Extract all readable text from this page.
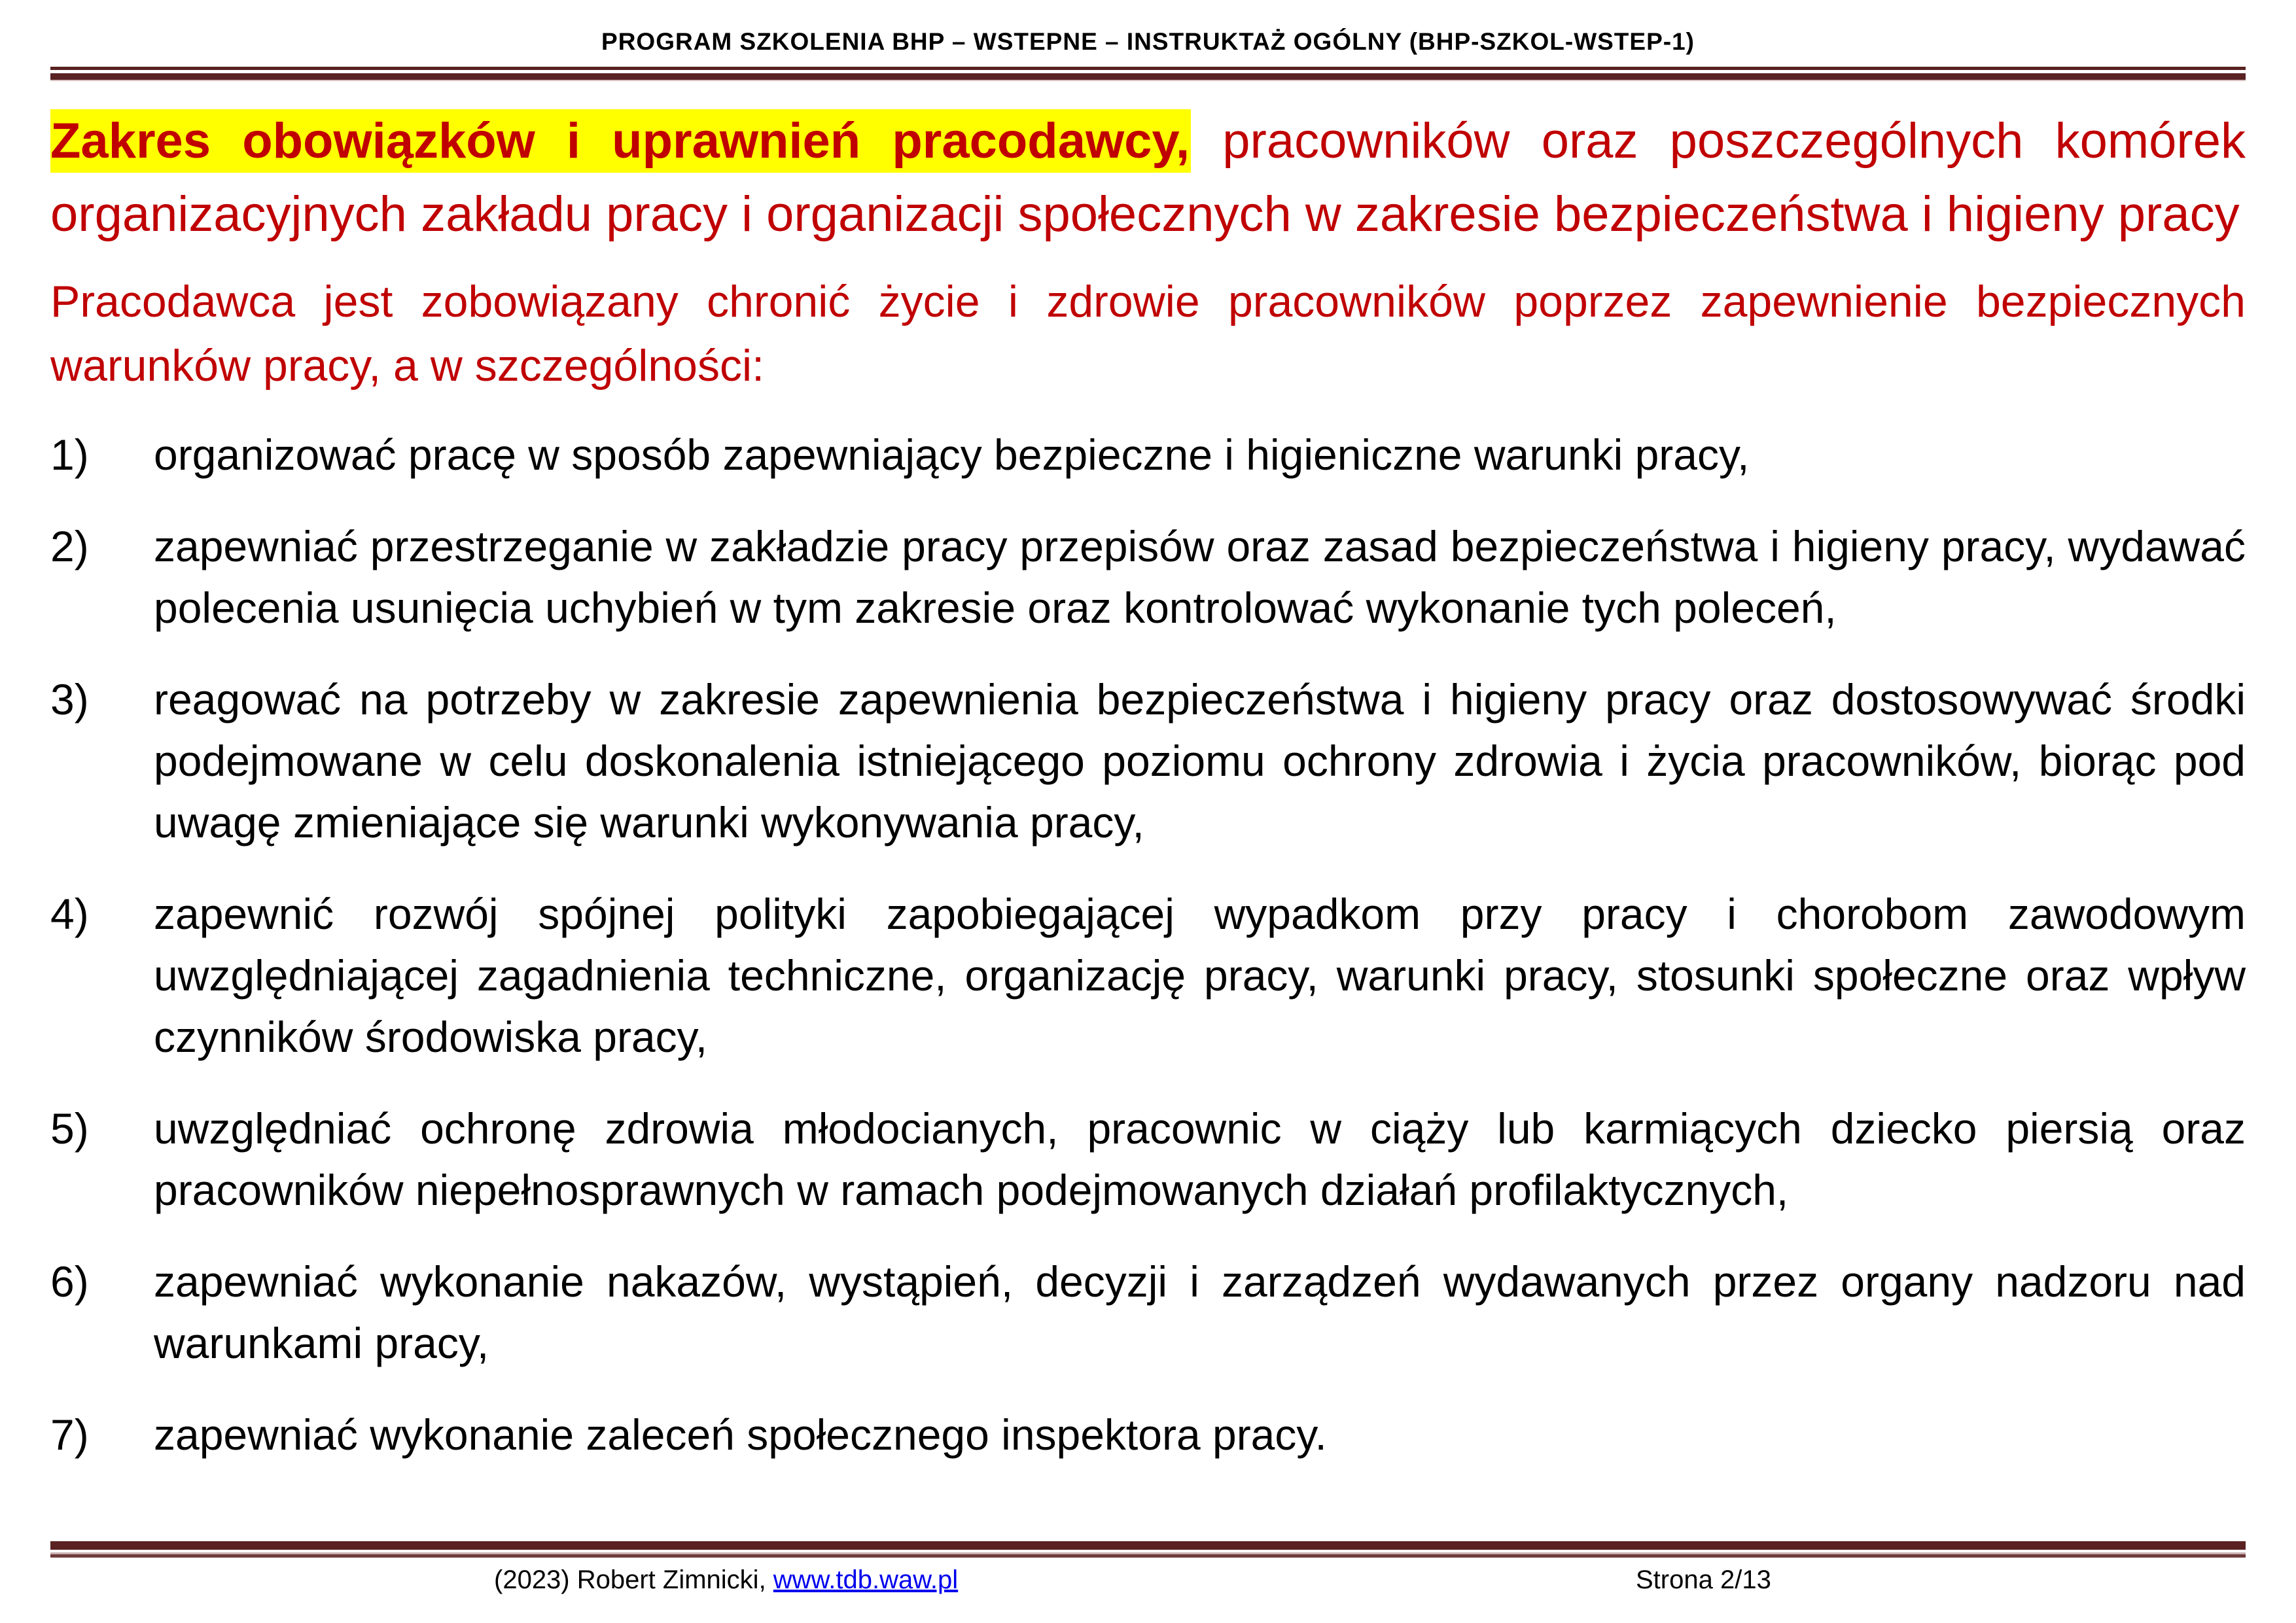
PROGRAM SZKOLENIA BHP – WSTEPNE – INSTRUKTAŻ OGÓLNY (BHP-SZKOL-WSTEP-1)

Zakres obowiązków i uprawnień pracodawcy, pracowników oraz poszczególnych komórek organizacyjnych zakładu pracy i organizacji społecznych w zakresie bezpieczeństwa i higieny pracy

Pracodawca jest zobowiązany chronić życie i zdrowie pracowników poprzez zapewnienie bezpiecznych warunków pracy, a w szczególności:

1)	organizować pracę w sposób zapewniający bezpieczne i higieniczne warunki pracy,
2)	zapewniać przestrzeganie w zakładzie pracy przepisów oraz zasad bezpieczeństwa i higieny pracy, wydawać polecenia usunięcia uchybień w tym zakresie oraz kontrolować wykonanie tych poleceń,
3)	reagować na potrzeby w zakresie zapewnienia bezpieczeństwa i higieny pracy oraz dostosowywać środki podejmowane w celu doskonalenia istniejącego poziomu ochrony zdrowia i życia pracowników, biorąc pod uwagę zmieniające się warunki wykonywania pracy,
4)	zapewnić rozwój spójnej polityki zapobiegającej wypadkom przy pracy i chorobom zawodowym uwzględniającej zagadnienia techniczne, organizację pracy, warunki pracy, stosunki społeczne oraz wpływ czynników środowiska pracy,
5)	uwzględniać ochronę zdrowia młodocianych, pracownic w ciąży lub karmiących dziecko piersią oraz pracowników niepełnosprawnych w ramach podejmowanych działań profilaktycznych,
6)	zapewniać wykonanie nakazów, wystąpień, decyzji i zarządzeń wydawanych przez organy nadzoru nad warunkami pracy,
7)	zapewniać wykonanie zaleceń społecznego inspektora pracy.
(2023) Robert Zimnicki, www.tdb.waw.pl	Strona 2/13
